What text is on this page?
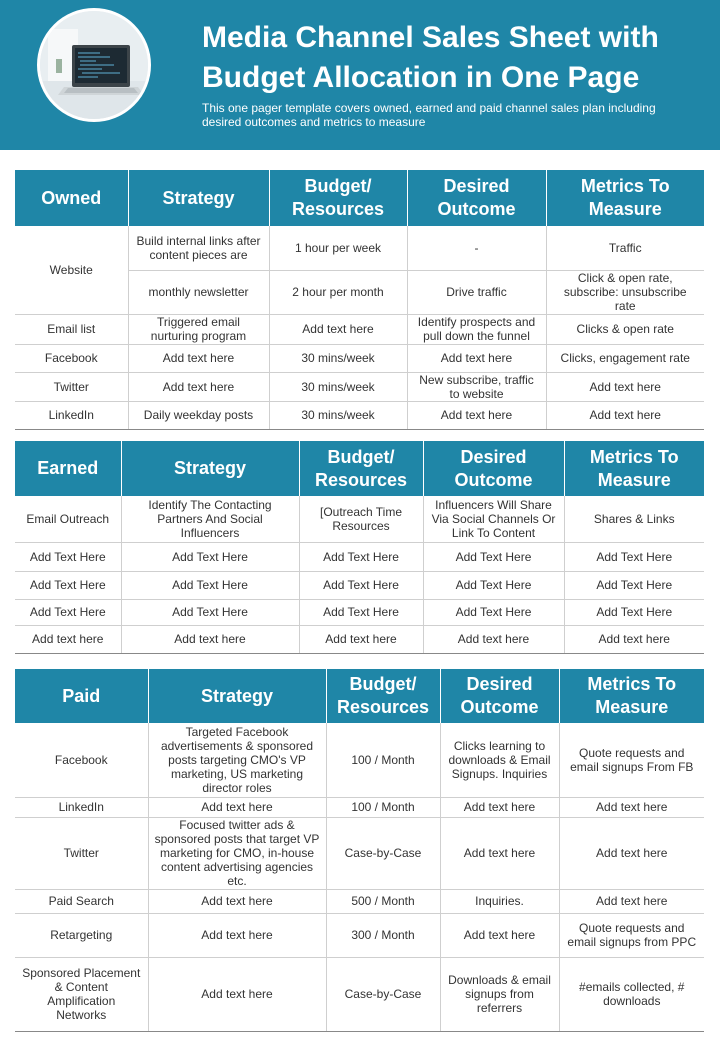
Media Channel Sales Sheet with Budget Allocation in One Page
This one pager template covers owned, earned and paid channel sales plan including desired outcomes and metrics to measure
Owned	Strategy	Budget/ Resources	Desired Outcome	Metrics To Measure
Website	Build internal links after content pieces are	1 hour per week	-	Traffic
	monthly newsletter	2 hour per month	Drive traffic	Click & open rate, subscribe: unsubscribe rate
Email list	Triggered email nurturing program	Add text here	Identify prospects and pull down the funnel	Clicks & open rate
Facebook	Add text here	30 mins/week	Add text here	Clicks, engagement rate
Twitter	Add text here	30 mins/week	New subscribe, traffic to website	Add text here
LinkedIn	Daily weekday posts	30 mins/week	Add text here	Add text here
Earned	Strategy	Budget/ Resources	Desired Outcome	Metrics To Measure
Email Outreach	Identify The Contacting Partners And Social Influencers	[Outreach Time Resources	Influencers Will Share Via Social Channels Or Link To Content	Shares & Links
Add Text Here	Add Text Here	Add Text Here	Add Text Here	Add Text Here
Add Text Here	Add Text Here	Add Text Here	Add Text Here	Add Text Here
Add Text Here	Add Text Here	Add Text Here	Add Text Here	Add Text Here
Add text here	Add text here	Add text here	Add text here	Add text here
Paid	Strategy	Budget/ Resources	Desired Outcome	Metrics To Measure
Facebook	Targeted Facebook advertisements & sponsored posts targeting CMO's VP marketing, US marketing director roles	100 / Month	Clicks learning to downloads & Email Signups. Inquiries	Quote requests and email signups From FB
LinkedIn	Add text here	100 / Month	Add text here	Add text here
Twitter	Focused twitter ads & sponsored posts that target VP marketing for CMO, in-house content advertising agencies etc.	Case-by-Case	Add text here	Add text here
Paid Search	Add text here	500 / Month	Inquiries.	Add text here
Retargeting	Add text here	300 / Month	Add text here	Quote requests and email signups from PPC
Sponsored Placement & Content Amplification Networks	Add text here	Case-by-Case	Downloads & email signups from referrers	#emails collected, # downloads
